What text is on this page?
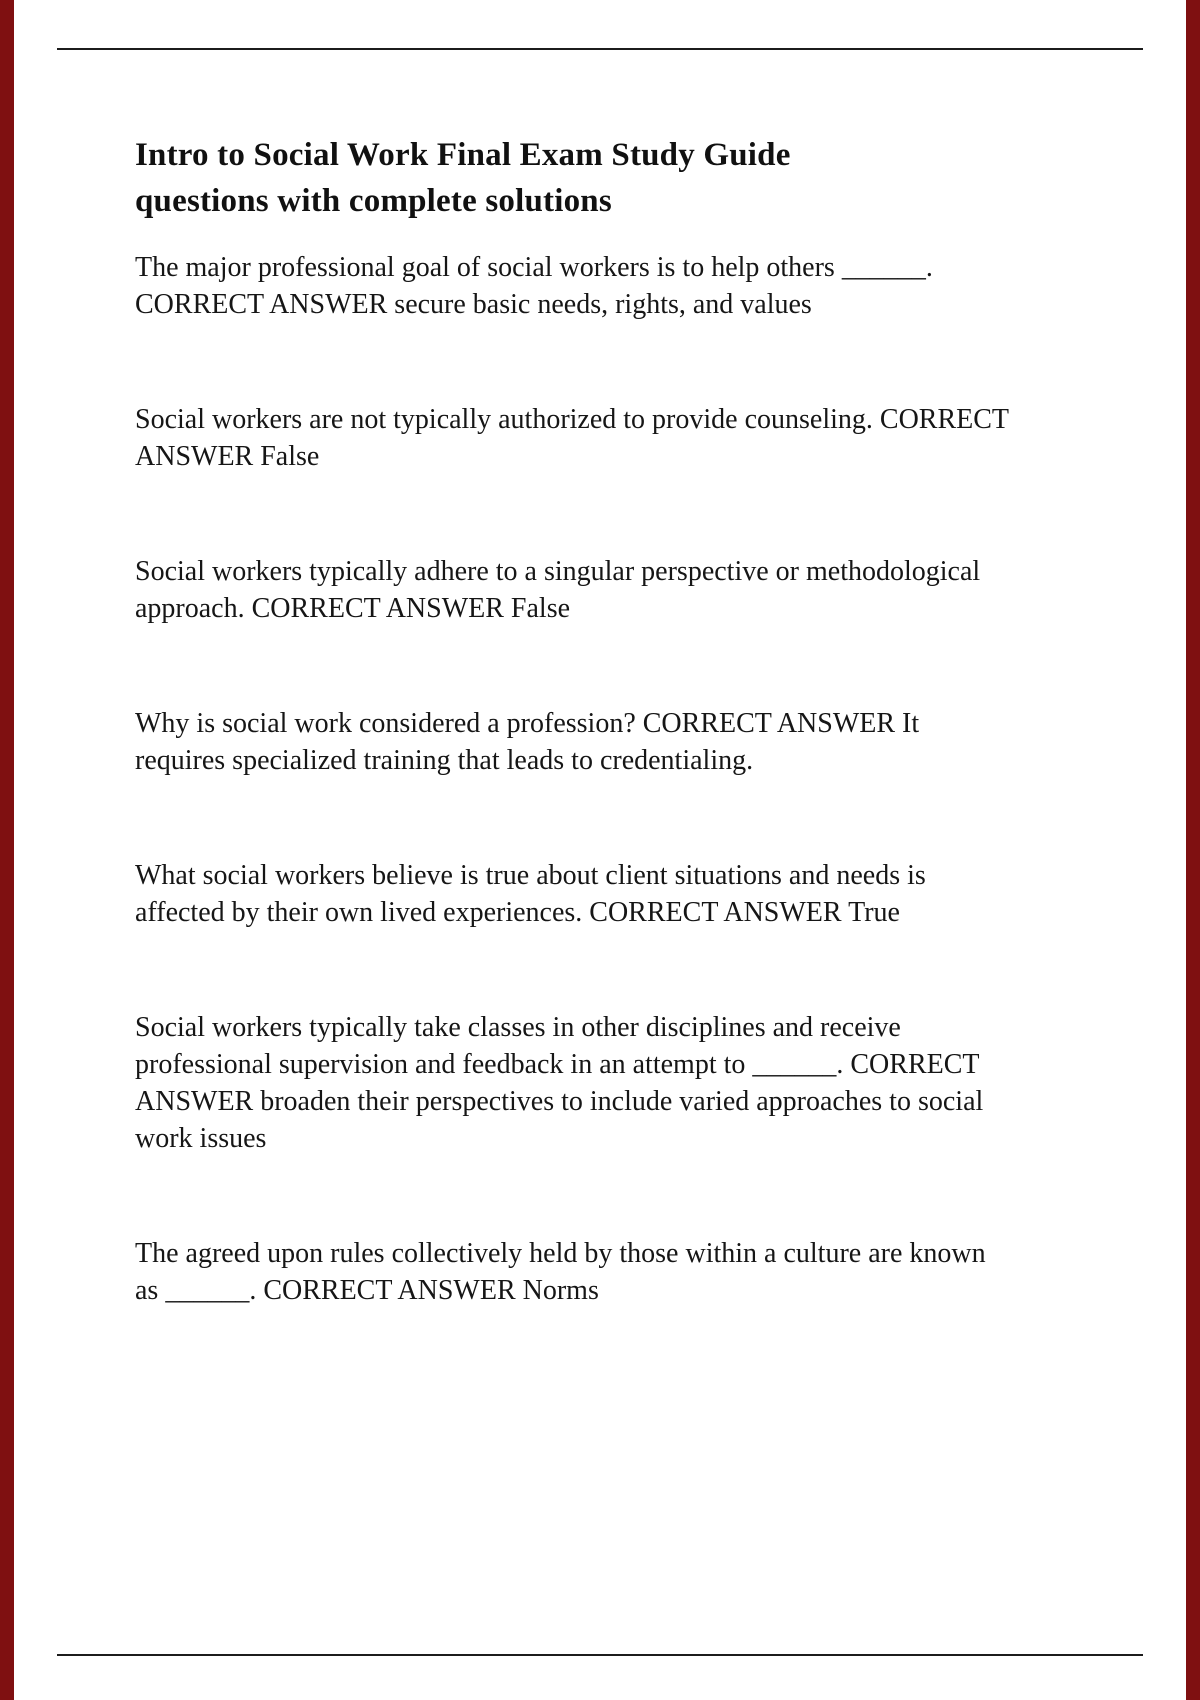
Intro to Social Work Final Exam Study Guide
questions with complete solutions

The major professional goal of social workers is to help others ______. CORRECT ANSWER secure basic needs, rights, and values

Social workers are not typically authorized to provide counseling. CORRECT ANSWER False

Social workers typically adhere to a singular perspective or methodological approach. CORRECT ANSWER False

Why is social work considered a profession? CORRECT ANSWER It requires specialized training that leads to credentialing.

What social workers believe is true about client situations and needs is affected by their own lived experiences. CORRECT ANSWER True

Social workers typically take classes in other disciplines and receive professional supervision and feedback in an attempt to ______. CORRECT ANSWER broaden their perspectives to include varied approaches to social work issues

The agreed upon rules collectively held by those within a culture are known as ______. CORRECT ANSWER Norms
